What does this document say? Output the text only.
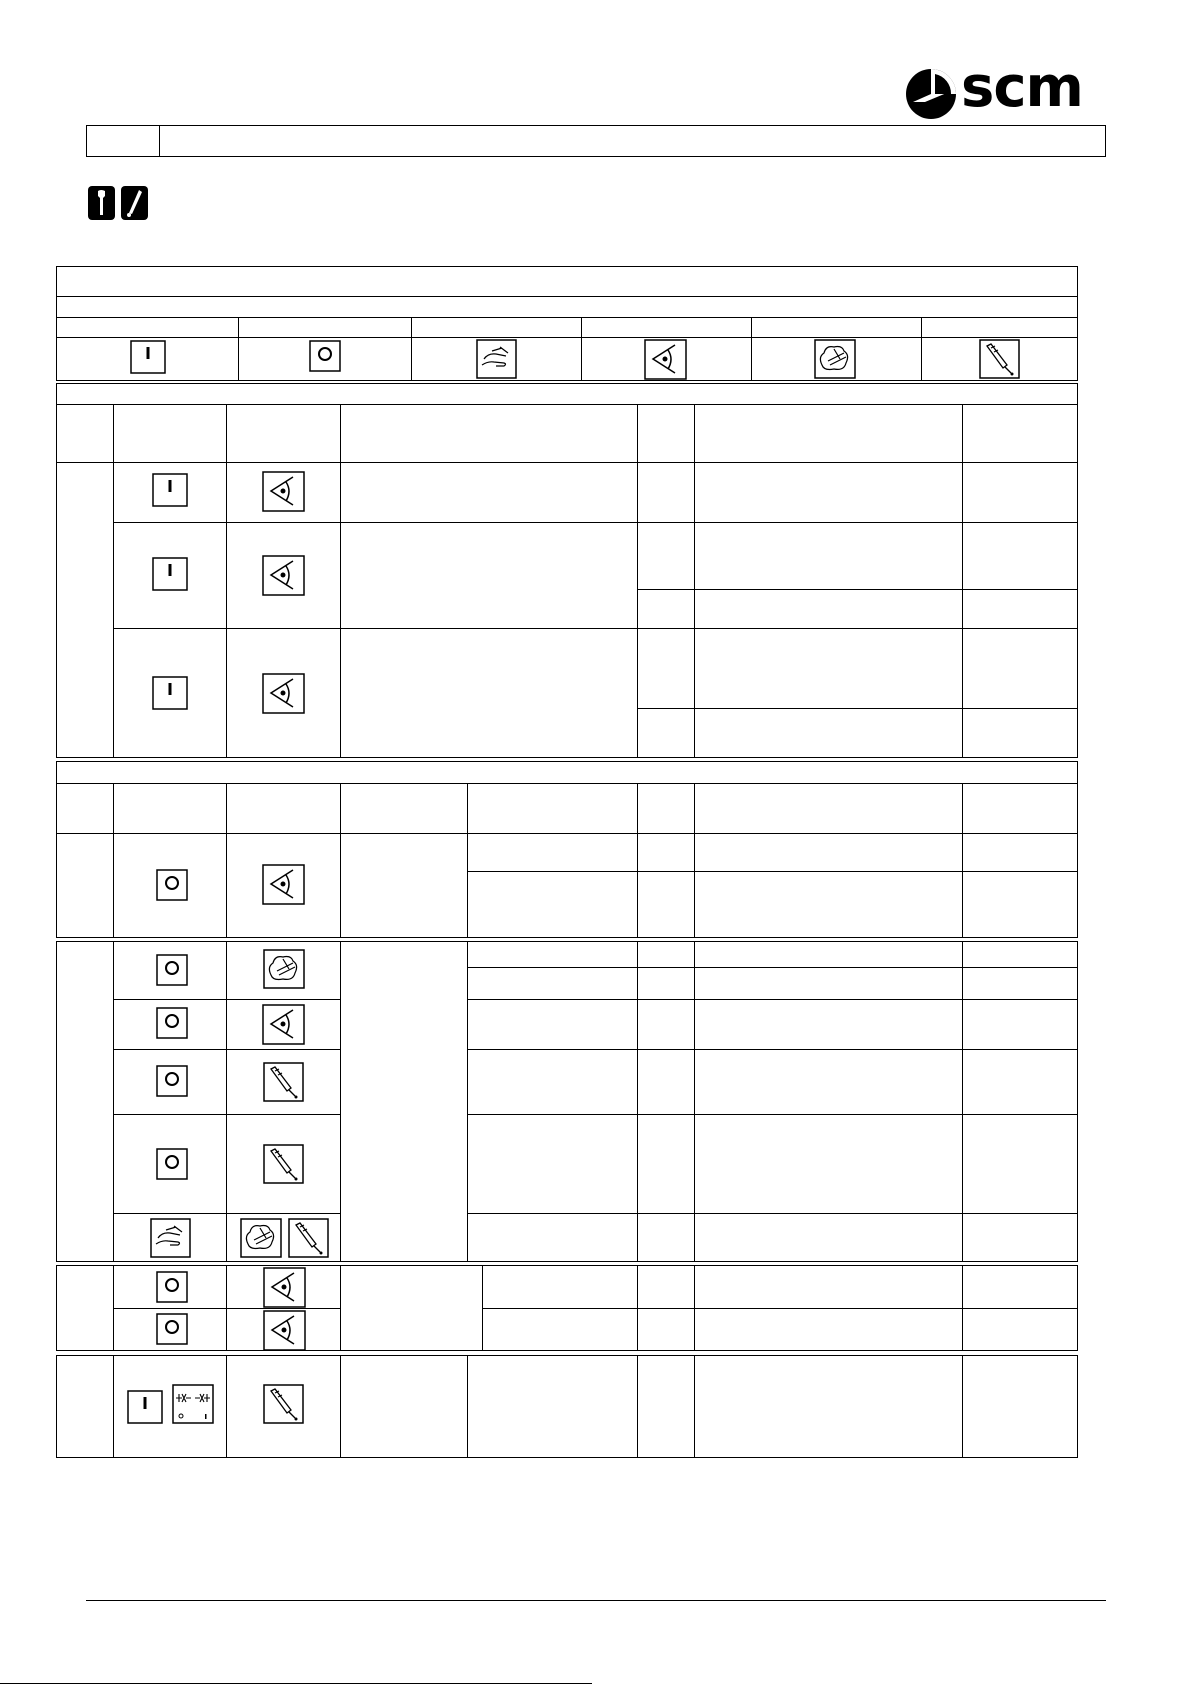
scm
